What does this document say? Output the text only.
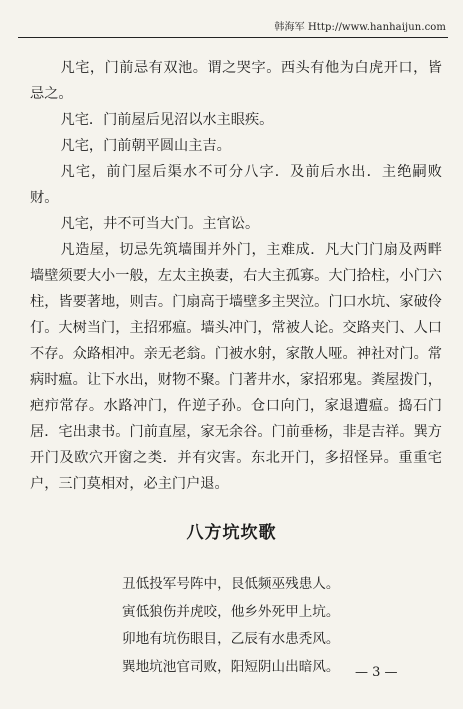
韩海军 Http://www.hanhaijun.com

凡宅，门前忌有双池。谓之哭字。西头有他为白虎开口，皆忌之。

凡宅．门前屋后见沼以水主眼疾。

凡宅，门前朝平圆山主吉。

凡宅，前门屋后渠水不可分八字．及前后水出．主绝嗣败财。

凡宅，井不可当大门。主官讼。

凡造屋，切忌先筑墙围并外门，主难成．凡大门门扇及两畔墙壁须要大小一般，左太主换妻，右大主孤寡。大门拾柱，小门六柱，皆要著地，则吉。门扇高于墙壁多主哭泣。门口水坑、家破伶仃。大树当门，主招邪瘟。墙头冲门，常被人论。交路夹门、人口不存。众路相冲。亲无老翁。门被水射，家散人哑。神社对门。常病时瘟。让下水出，财物不聚。门著井水，家招邪鬼。粪屋拨门，疤疖常存。水路冲门，仵逆子孙。仓口向门，家退遭瘟。捣石门居．宅出隶书。门前直屋，家无余谷。门前垂杨，非是吉祥。巽方开门及欧穴开窗之类．并有灾害。东北开门，多招怪异。重重宅户，三门莫相对，必主门户退。

八方坑坎歌

丑低投军号阵中，艮低频巫残患人。

寅低狼伤并虎咬，他乡外死甲上坑。

卯地有坑伤眼目，乙辰有水患秃风。

巽地坑池官司败，阳短阴山出暗风。	— 3 —
